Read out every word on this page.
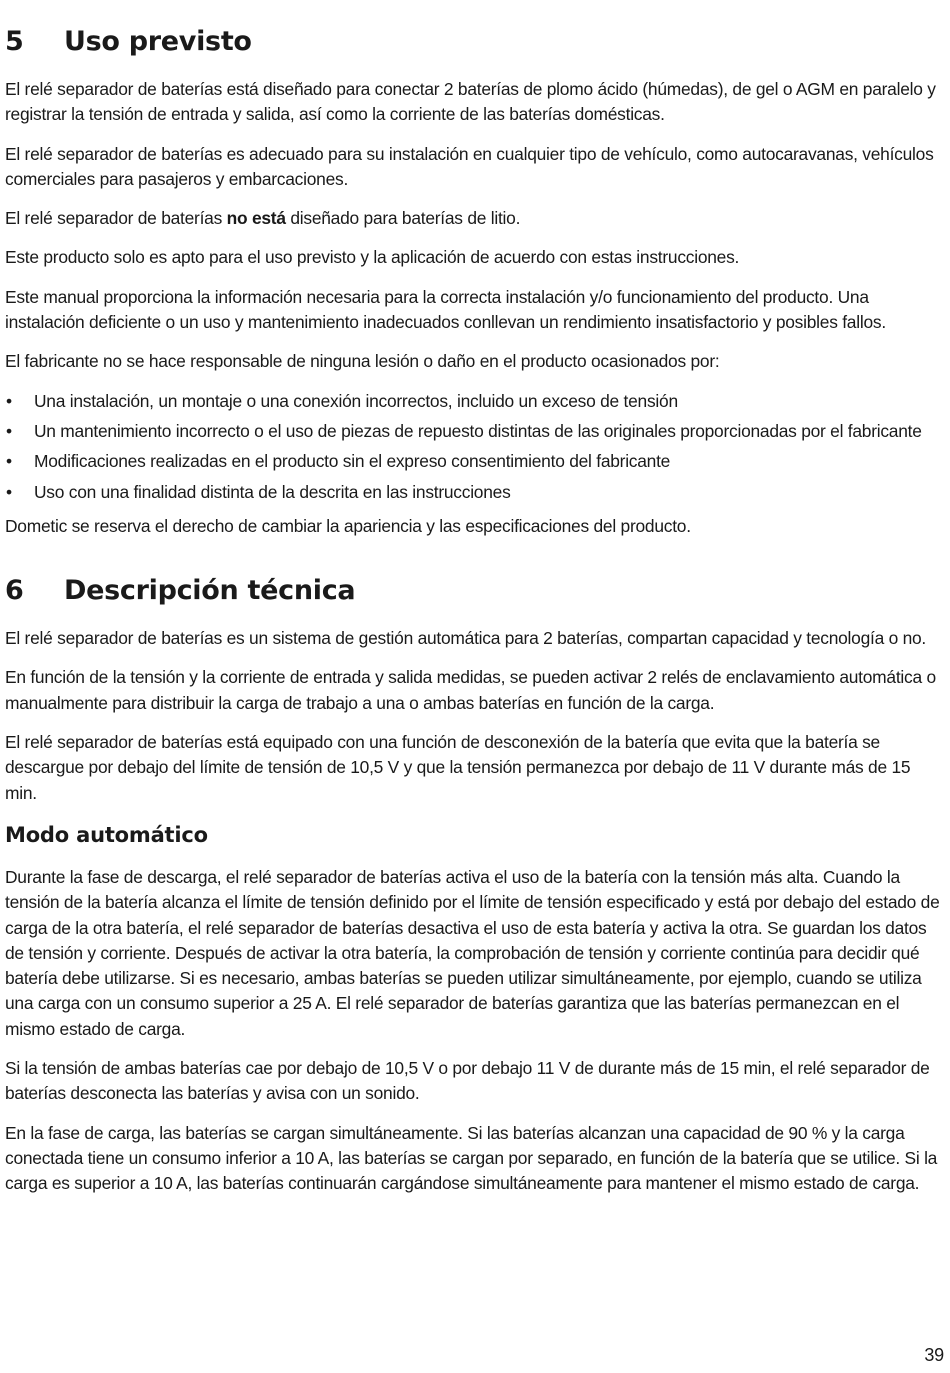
5	Uso previsto

El relé separador de baterías está diseñado para conectar 2 baterías de plomo ácido (húmedas), de gel o AGM en paralelo y registrar la tensión de entrada y salida, así como la corriente de las baterías domésticas.

El relé separador de baterías es adecuado para su instalación en cualquier tipo de vehículo, como autocaravanas, vehículos comerciales para pasajeros y embarcaciones.

El relé separador de baterías no está diseñado para baterías de litio.

Este producto solo es apto para el uso previsto y la aplicación de acuerdo con estas instrucciones.

Este manual proporciona la información necesaria para la correcta instalación y/o funcionamiento del producto. Una instalación deficiente o un uso y mantenimiento inadecuados conllevan un rendimiento insatisfactorio y posibles fallos.

El fabricante no se hace responsable de ninguna lesión o daño en el producto ocasionados por:

• Una instalación, un montaje o una conexión incorrectos, incluido un exceso de tensión
• Un mantenimiento incorrecto o el uso de piezas de repuesto distintas de las originales proporcionadas por el fabricante
• Modificaciones realizadas en el producto sin el expreso consentimiento del fabricante
• Uso con una finalidad distinta de la descrita en las instrucciones

Dometic se reserva el derecho de cambiar la apariencia y las especificaciones del producto.

6	Descripción técnica

El relé separador de baterías es un sistema de gestión automática para 2 baterías, compartan capacidad y tecnología o no.

En función de la tensión y la corriente de entrada y salida medidas, se pueden activar 2 relés de enclavamiento automática o manualmente para distribuir la carga de trabajo a una o ambas baterías en función de la carga.

El relé separador de baterías está equipado con una función de desconexión de la batería que evita que la batería se descargue por debajo del límite de tensión de 10,5 V y que la tensión permanezca por debajo de 11 V durante más de 15 min.

Modo automático

Durante la fase de descarga, el relé separador de baterías activa el uso de la batería con la tensión más alta. Cuando la tensión de la batería alcanza el límite de tensión definido por el límite de tensión especificado y está por debajo del estado de carga de la otra batería, el relé separador de baterías desactiva el uso de esta batería y activa la otra. Se guardan los datos de tensión y corriente. Después de activar la otra batería, la comprobación de tensión y corriente continúa para decidir qué batería debe utilizarse. Si es necesario, ambas baterías se pueden utilizar simultáneamente, por ejemplo, cuando se utiliza una carga con un consumo superior a 25 A. El relé separador de baterías garantiza que las baterías permanezcan en el mismo estado de carga.

Si la tensión de ambas baterías cae por debajo de 10,5 V o por debajo 11 V de durante más de 15 min, el relé separador de baterías desconecta las baterías y avisa con un sonido.

En la fase de carga, las baterías se cargan simultáneamente. Si las baterías alcanzan una capacidad de 90 % y la carga conectada tiene un consumo inferior a 10 A, las baterías se cargan por separado, en función de la batería que se utilice. Si la carga es superior a 10 A, las baterías continuarán cargándose simultáneamente para mantener el mismo estado de carga.

39
